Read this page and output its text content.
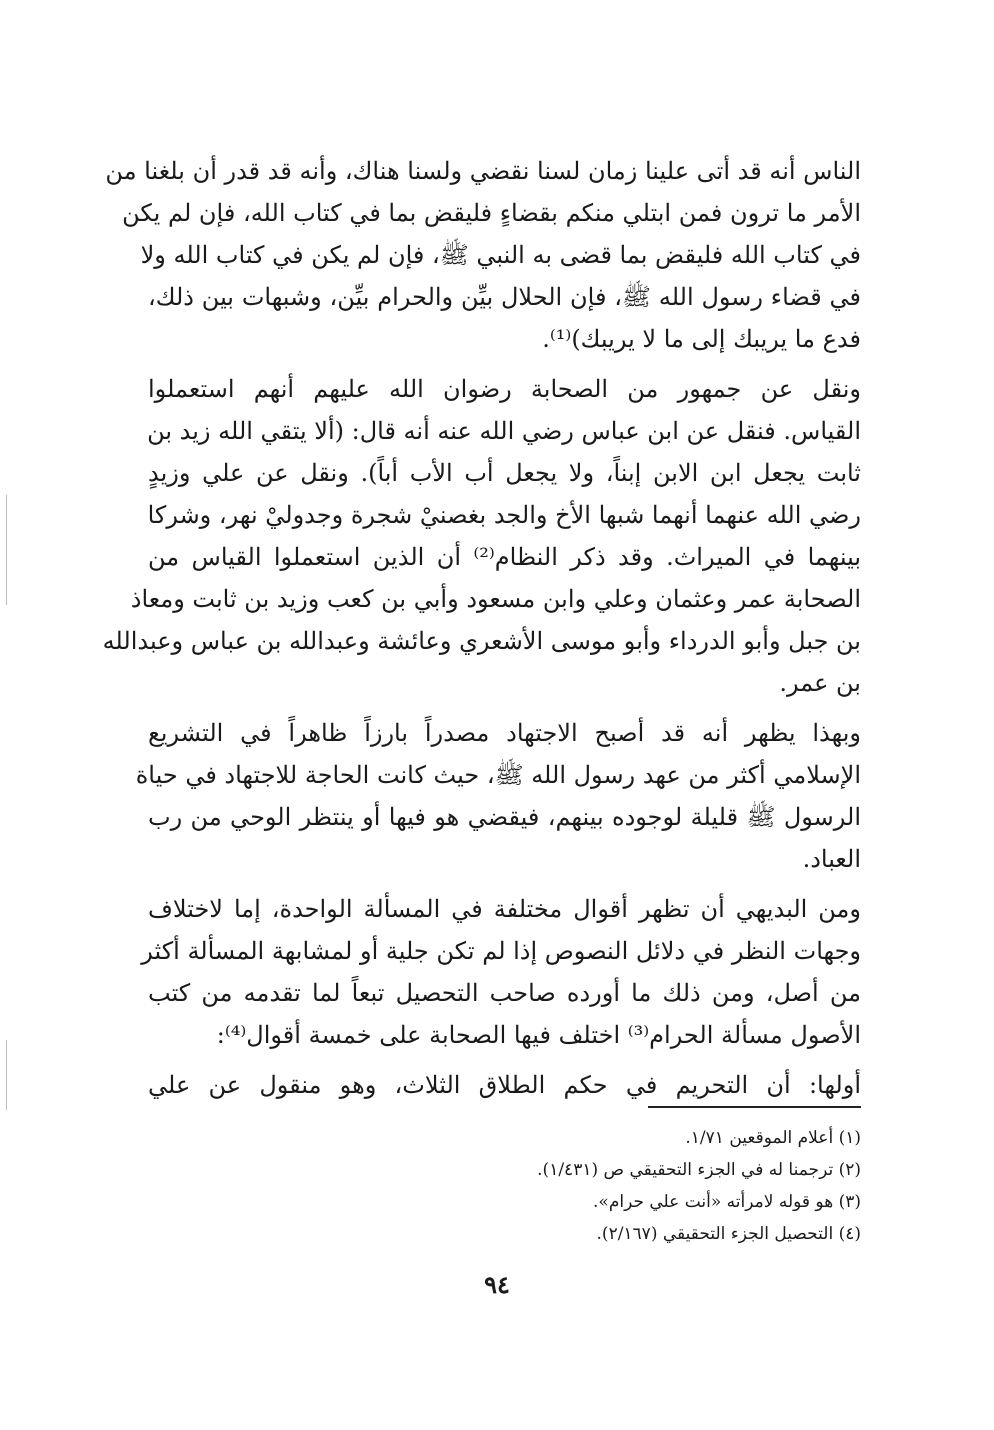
الناس أنه قد أتى علينا زمان لسنا نقضي ولسنا هناك، وأنه قد قدر أن بلغنا من
الأمر ما ترون فمن ابتلي منكم بقضاءٍ فليقض بما في كتاب الله، فإن لم يكن
في كتاب الله فليقض بما قضى به النبي ﷺ، فإن لم يكن في كتاب الله ولا
في قضاء رسول الله ﷺ، فإن الحلال بيِّن والحرام بيِّن، وشبهات بين ذلك،
فدع ما يريبك إلى ما لا يريبك)⁽¹⁾.

ونقل عن جمهور من الصحابة رضوان الله عليهم أنهم استعملوا
القياس. فنقل عن ابن عباس رضي الله عنه أنه قال: (ألا يتقي الله زيد بن
ثابت يجعل ابن الابن إبناً، ولا يجعل أب الأب أباً). ونقل عن علي وزيدٍ
رضي الله عنهما أنهما شبها الأخ والجد بغصنيْ شجرة وجدوليْ نهر، وشركا
بينهما في الميراث. وقد ذكر النظام⁽²⁾ أن الذين استعملوا القياس من
الصحابة عمر وعثمان وعلي وابن مسعود وأبي بن كعب وزيد بن ثابت ومعاذ
بن جبل وأبو الدرداء وأبو موسى الأشعري وعائشة وعبدالله بن عباس وعبدالله
بن عمر.

وبهذا يظهر أنه قد أصبح الاجتهاد مصدراً بارزاً ظاهراً في التشريع
الإسلامي أكثر من عهد رسول الله ﷺ، حيث كانت الحاجة للاجتهاد في حياة
الرسول ﷺ قليلة لوجوده بينهم، فيقضي هو فيها أو ينتظر الوحي من رب
العباد.

ومن البديهي أن تظهر أقوال مختلفة في المسألة الواحدة، إما لاختلاف
وجهات النظر في دلائل النصوص إذا لم تكن جلية أو لمشابهة المسألة أكثر
من أصل، ومن ذلك ما أورده صاحب التحصيل تبعاً لما تقدمه من كتب
الأصول مسألة الحرام⁽³⁾ اختلف فيها الصحابة على خمسة أقوال⁽⁴⁾:

أولها: أن التحريم في حكم الطلاق الثلاث، وهو منقول عن علي

(١) أعلام الموقعين ١/٧١.
(٢) ترجمنا له في الجزء التحقيقي ص (١/٤٣١).
(٣) هو قوله لامرأته «أنت علي حرام».
(٤) التحصيل الجزء التحقيقي (٢/١٦٧).
٩٤
